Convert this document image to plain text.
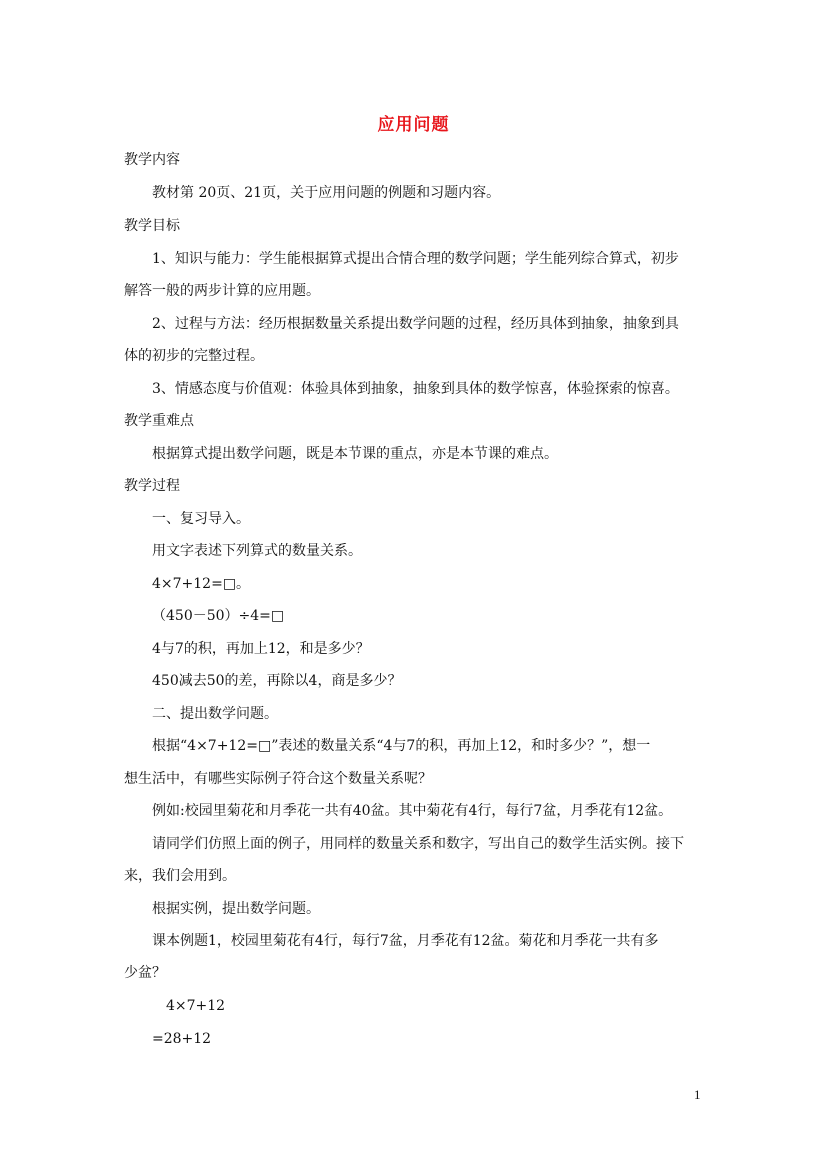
应用问题
教学内容
教材第 20页、21页，关于应用问题的例题和习题内容。
教学目标
1、知识与能力：学生能根据算式提出合情合理的数学问题；学生能列综合算式，初步
解答一般的两步计算的应用题。
2、过程与方法：经历根据数量关系提出数学问题的过程，经历具体到抽象，抽象到具
体的初步的完整过程。
3、情感态度与价值观：体验具体到抽象，抽象到具体的数学惊喜，体验探索的惊喜。
教学重难点
根据算式提出数学问题，既是本节课的重点，亦是本节课的难点。
教学过程
一、复习导入。
用文字表述下列算式的数量关系。
4×7+12=□。
（450－50）÷4=□
4与7的积，再加上12，和是多少？
450减去50的差，再除以4，商是多少？
二、提出数学问题。
根据“4×7+12=□”表述的数量关系“4与7的积，再加上12，和时多少？”，想一
想生活中，有哪些实际例子符合这个数量关系呢？
例如:校园里菊花和月季花一共有40盆。其中菊花有4行，每行7盆，月季花有12盆。
请同学们仿照上面的例子，用同样的数量关系和数字，写出自己的数学生活实例。接下
来，我们会用到。
根据实例，提出数学问题。
课本例题1，校园里菊花有4行，每行7盆，月季花有12盆。菊花和月季花一共有多
少盆？
4×7+12
=28+12
1
